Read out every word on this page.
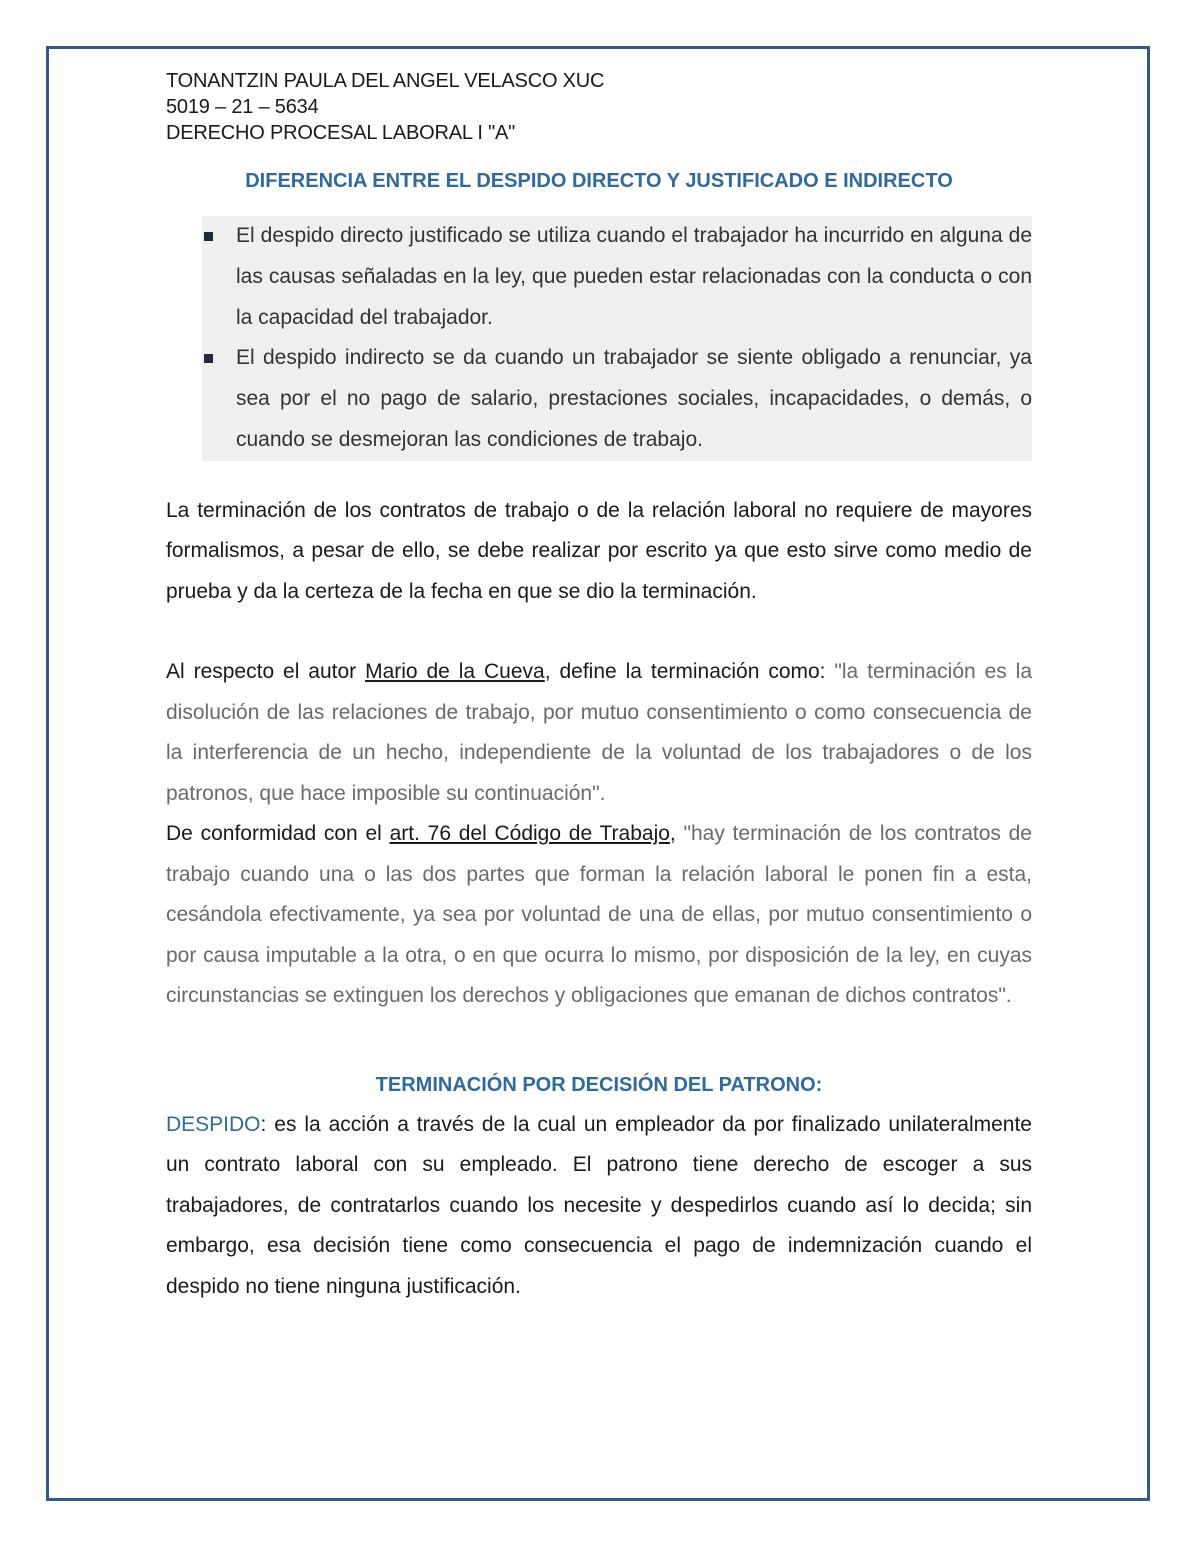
TONANTZIN PAULA DEL ANGEL VELASCO XUC
5019 – 21 – 5634
DERECHO PROCESAL LABORAL I "A"
DIFERENCIA ENTRE EL DESPIDO DIRECTO Y JUSTIFICADO E INDIRECTO
El despido directo justificado se utiliza cuando el trabajador ha incurrido en alguna de las causas señaladas en la ley, que pueden estar relacionadas con la conducta o con la capacidad del trabajador.
El despido indirecto se da cuando un trabajador se siente obligado a renunciar, ya sea por el no pago de salario, prestaciones sociales, incapacidades, o demás, o cuando se desmejoran las condiciones de trabajo.

La terminación de los contratos de trabajo o de la relación laboral no requiere de mayores formalismos, a pesar de ello, se debe realizar por escrito ya que esto sirve como medio de prueba y da la certeza de la fecha en que se dio la terminación.

Al respecto el autor Mario de la Cueva, define la terminación como: "la terminación es la disolución de las relaciones de trabajo, por mutuo consentimiento o como consecuencia de la interferencia de un hecho, independiente de la voluntad de los trabajadores o de los patronos, que hace imposible su continuación".

De conformidad con el art. 76 del Código de Trabajo, "hay terminación de los contratos de trabajo cuando una o las dos partes que forman la relación laboral le ponen fin a esta, cesándola efectivamente, ya sea por voluntad de una de ellas, por mutuo consentimiento o por causa imputable a la otra, o en que ocurra lo mismo, por disposición de la ley, en cuyas circunstancias se extinguen los derechos y obligaciones que emanan de dichos contratos".

TERMINACIÓN POR DECISIÓN DEL PATRONO:

DESPIDO: es la acción a través de la cual un empleador da por finalizado unilateralmente un contrato laboral con su empleado. El patrono tiene derecho de escoger a sus trabajadores, de contratarlos cuando los necesite y despedirlos cuando así lo decida; sin embargo, esa decisión tiene como consecuencia el pago de indemnización cuando el despido no tiene ninguna justificación.
